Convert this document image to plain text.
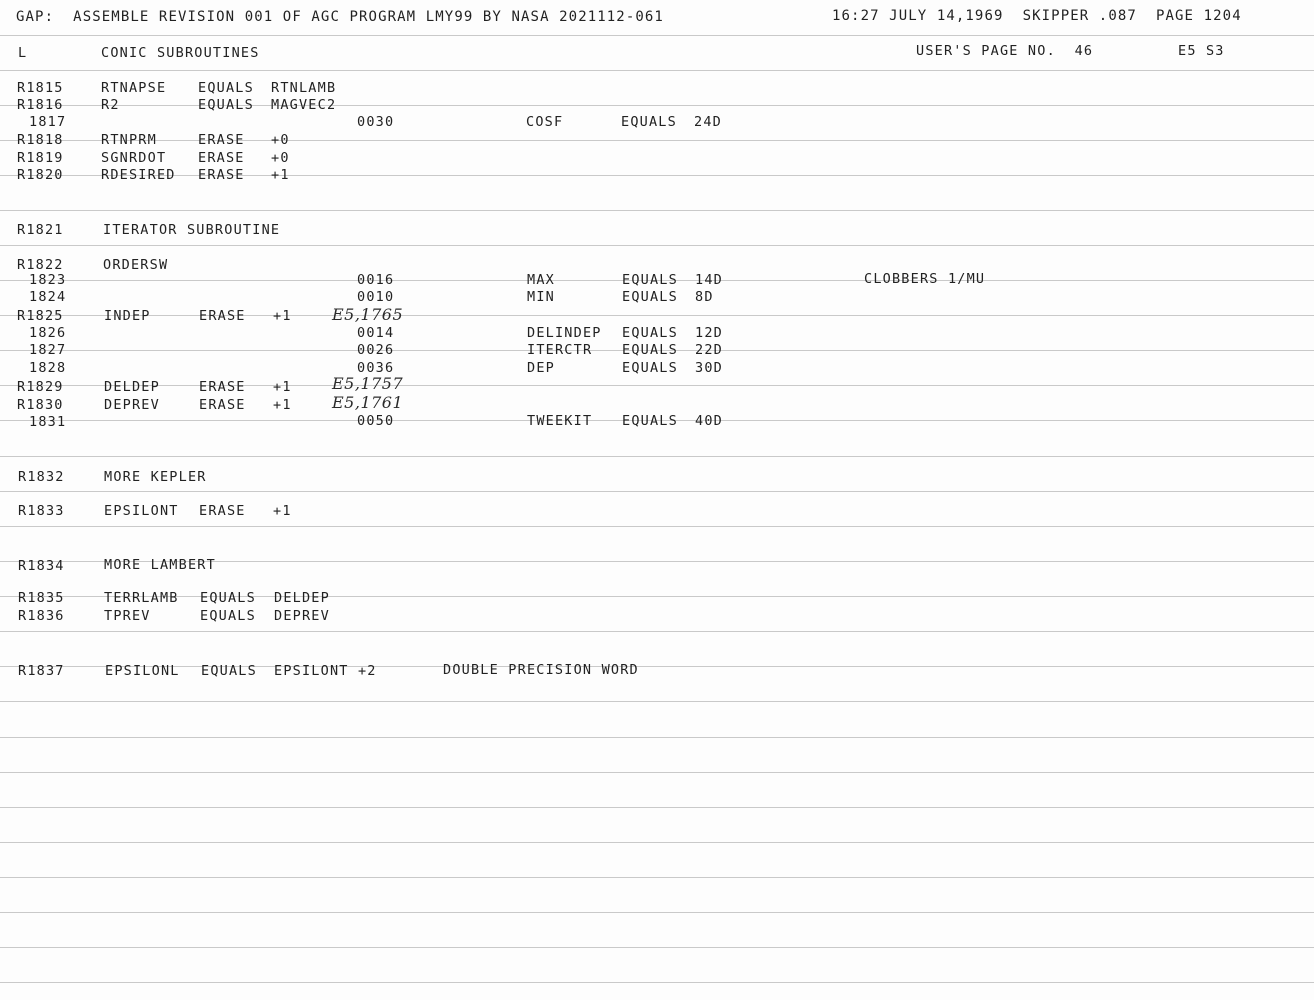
GAP:  ASSEMBLE REVISION 001 OF AGC PROGRAM LMY99 BY NASA 2021112-061	16:27 JULY 14,1969  SKIPPER .087  PAGE 1204
L	CONIC SUBROUTINES	USER'S PAGE NO.  46	E5 S3
R1815	RTNAPSE EQUALS RTNLAMB
R1816	R2	EQUALS MAGVEC2
1817	0030	COSF	EQUALS 24D
R1818	RTNPRM	ERASE +0
R1819	SGNRDOT ERASE +0
R1820	RDESIRED ERASE +1
R1821	ITERATOR SUBROUTINE
R1822	ORDERSW
1823	0016	MAX	EQUALS 14D	CLOBBERS 1/MU
1824	0010	MIN	EQUALS 8D
R1825	INDEP	ERASE +1	E5,1765
1826	0014	DELINDEP EQUALS 12D
1827	0026	ITERCTR EQUALS 22D
1828	0036	DEP	EQUALS 30D
R1829	DELDEP	ERASE +1	E5,1757
R1830	DEPREV	ERASE +1	E5,1761
1831	0050	TWEEKIT EQUALS 40D
R1832	MORE KEPLER
R1833	EPSILONT ERASE +1
R1834	MORE LAMBERT
R1835	TERRLAMB EQUALS DELDEP
R1836	TPREV	EQUALS DEPREV
R1837	EPSILONL EQUALS EPSILONT +2	DOUBLE PRECISION WORD
